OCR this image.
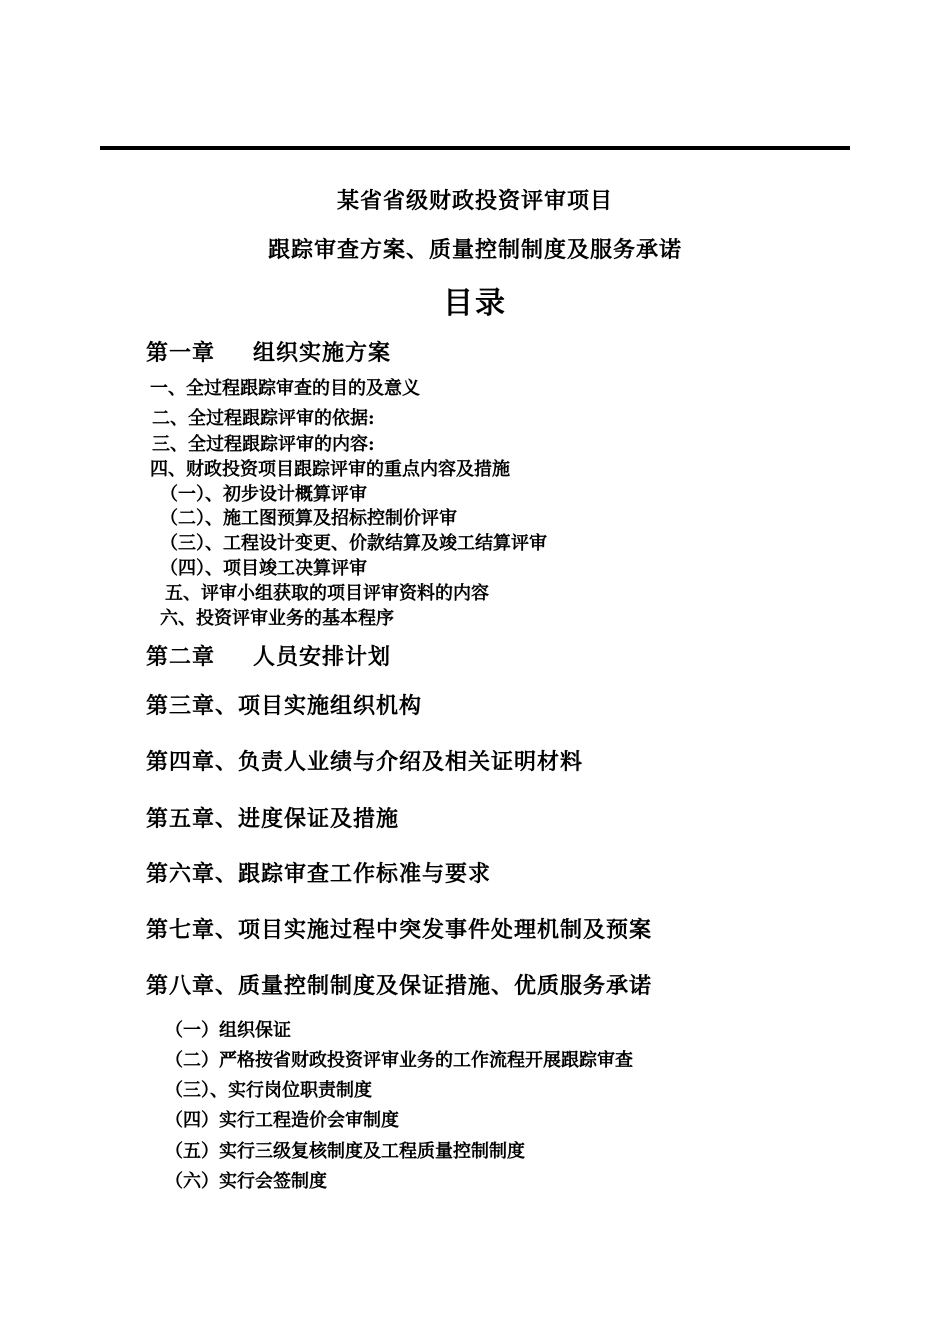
某省省级财政投资评审项目
跟踪审查方案、质量控制制度及服务承诺
目录
第一章 组织实施方案
一、全过程跟踪审查的目的及意义
二、全过程跟踪评审的依据:
三、全过程跟踪评审的内容:
四、财政投资项目跟踪评审的重点内容及措施
（一）、初步设计概算评审
（二）、施工图预算及招标控制价评审
（三）、工程设计变更、价款结算及竣工结算评审
（四）、项目竣工决算评审
五、评审小组获取的项目评审资料的内容
六、投资评审业务的基本程序
第二章 人员安排计划
第三章、项目实施组织机构
第四章、负责人业绩与介绍及相关证明材料
第五章、进度保证及措施
第六章、跟踪审查工作标准与要求
第七章、项目实施过程中突发事件处理机制及预案
第八章、质量控制制度及保证措施、优质服务承诺
（一）组织保证
（二）严格按省财政投资评审业务的工作流程开展跟踪审查
（三）、实行岗位职责制度
（四）实行工程造价会审制度
（五）实行三级复核制度及工程质量控制制度
（六）实行会签制度
